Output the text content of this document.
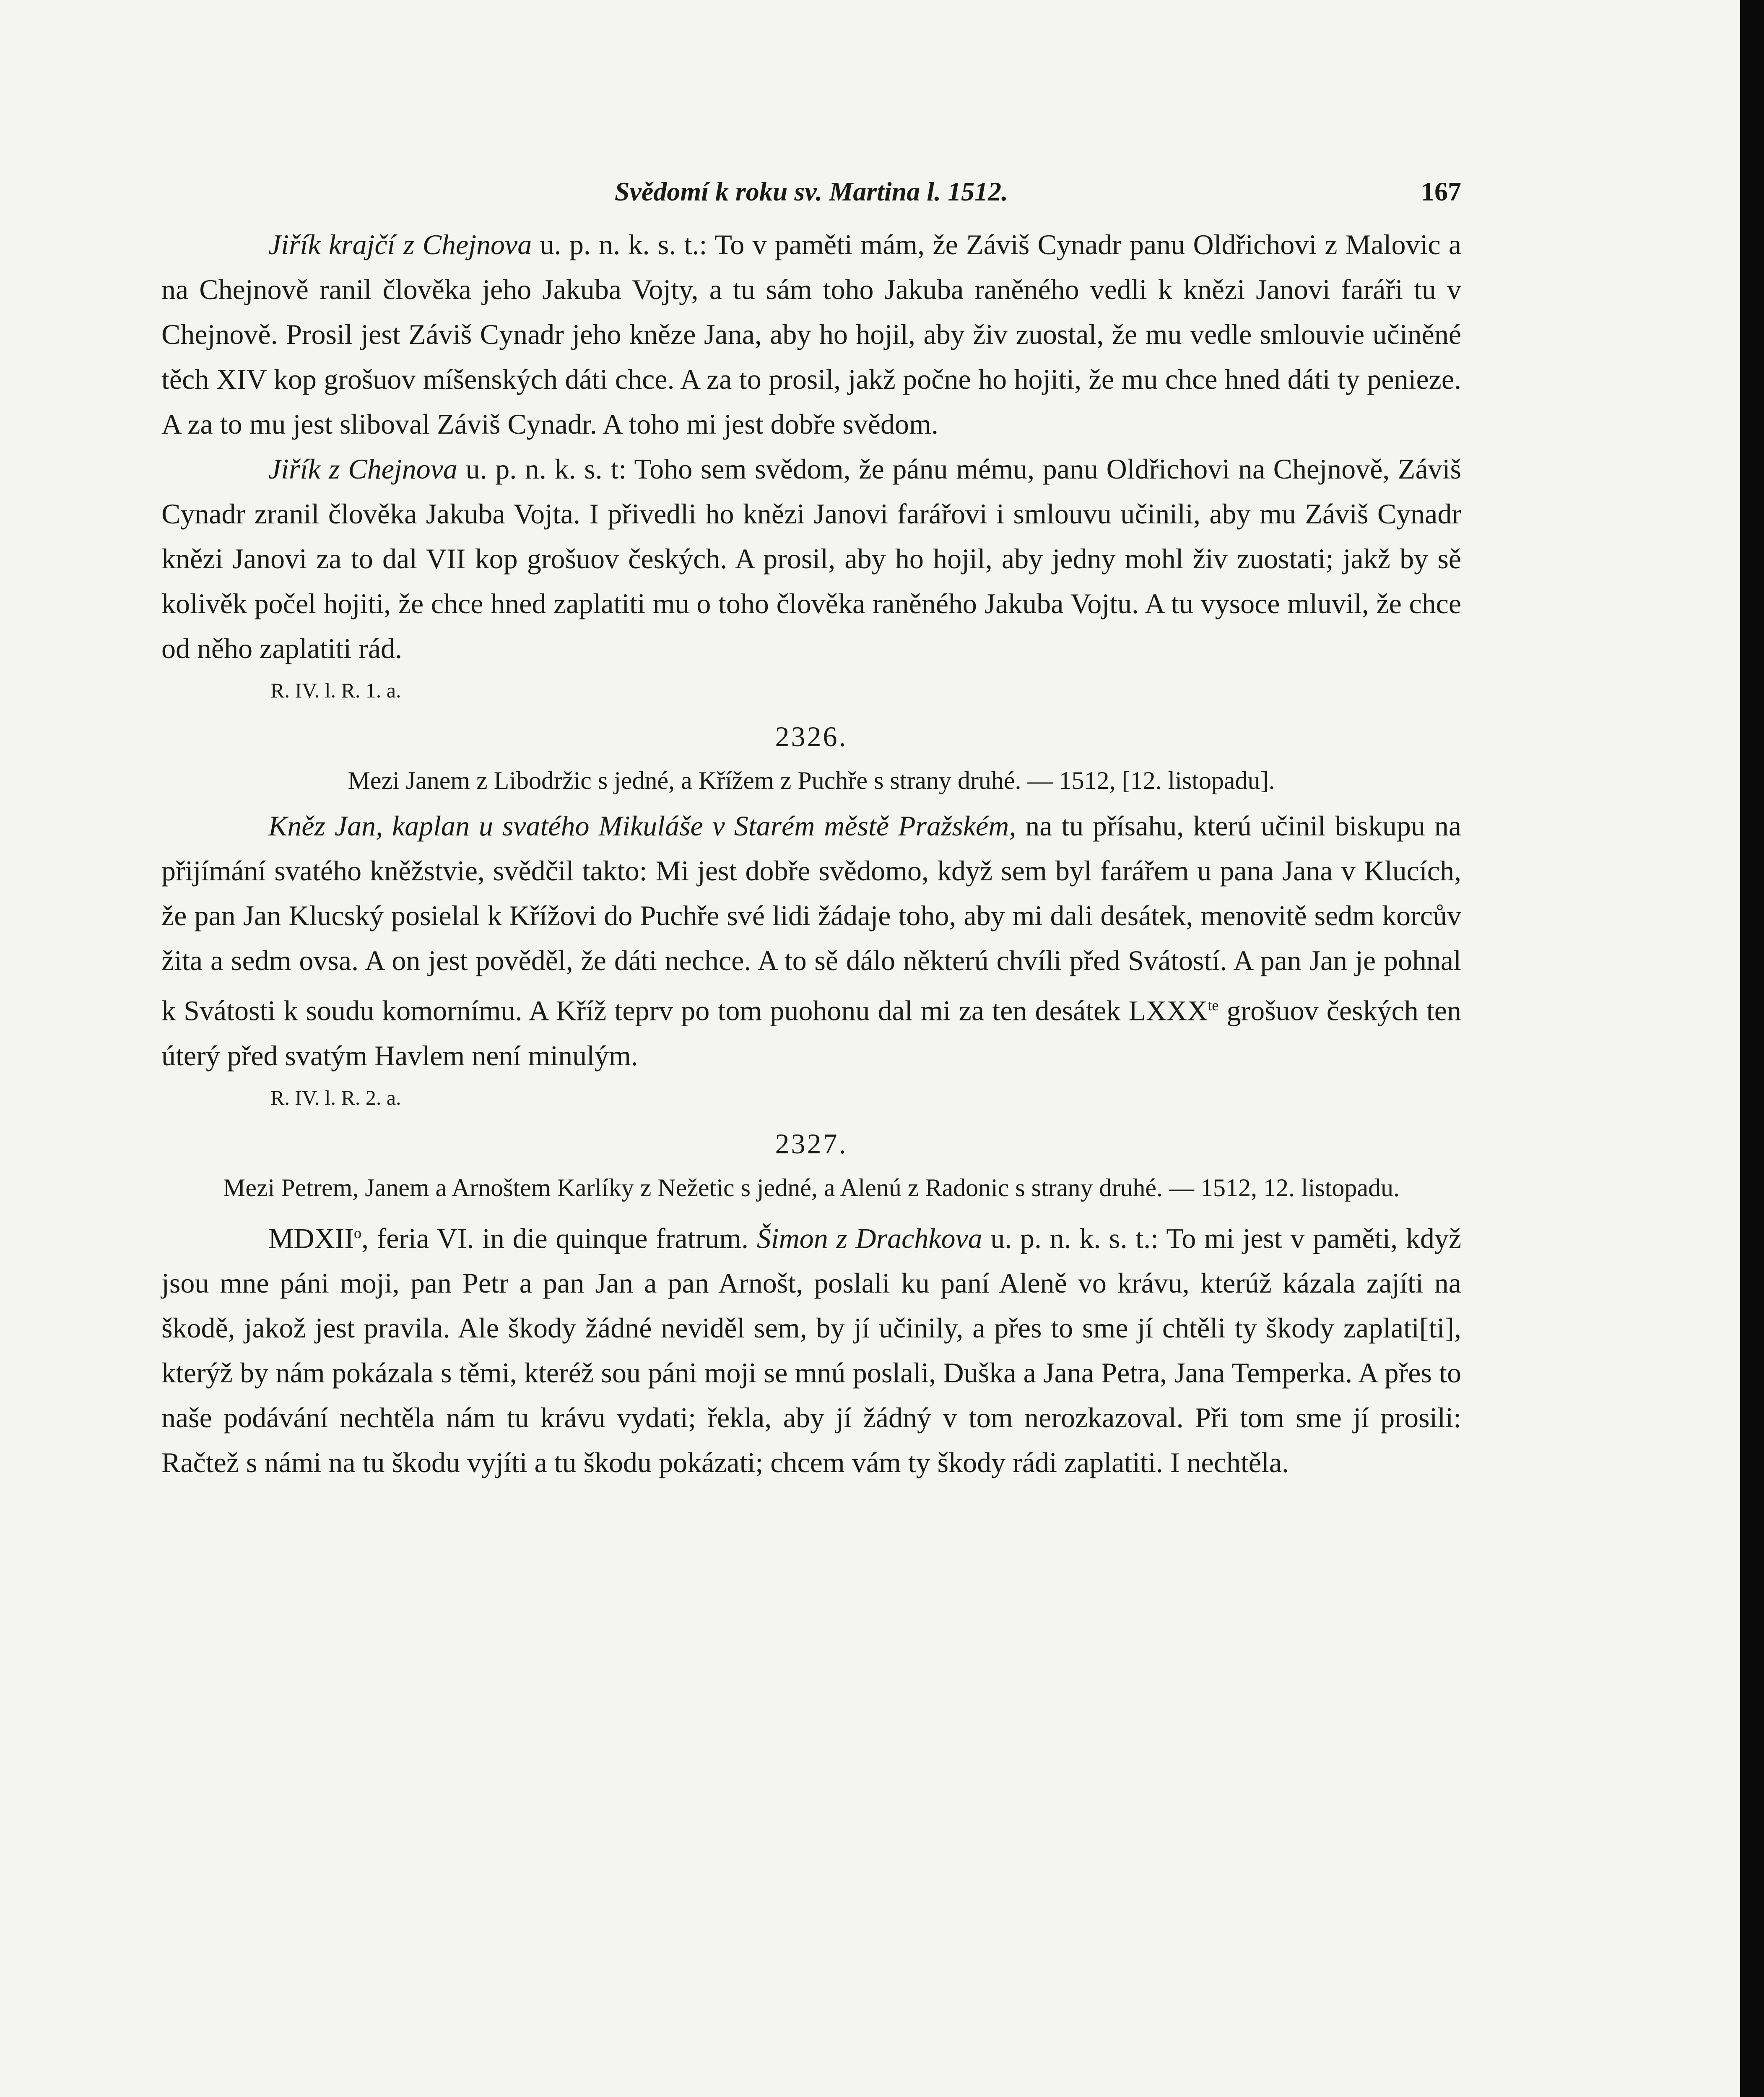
Svědomí k roku sv. Martina l. 1512.	167

Jiřík krajčí z Chejnova u. p. n. k. s. t.: To v paměti mám, že Záviš Cynadr panu Oldřichovi z Malovic a na Chejnově ranil člověka jeho Jakuba Vojty, a tu sám toho Jakuba raněného vedli k knězi Janovi faráři tu v Chejnově. Prosil jest Záviš Cynadr jeho kněze Jana, aby ho hojil, aby živ zuostal, že mu vedle smlouvie učiněné těch XIV kop grošuov míšenských dáti chce. A za to prosil, jakž počne ho hojiti, že mu chce hned dáti ty penieze. A za to mu jest sliboval Záviš Cynadr. A toho mi jest dobře svědom.

Jiřík z Chejnova u. p. n. k. s. t: Toho sem svědom, že pánu mému, panu Oldřichovi na Chejnově, Záviš Cynadr zranil člověka Jakuba Vojta. I přivedli ho knězi Janovi farářovi i smlouvu učinili, aby mu Záviš Cynadr knězi Janovi za to dal VII kop grošuov českých. A prosil, aby ho hojil, aby jedny mohl živ zuostati; jakž by sě kolivěk počel hojiti, že chce hned zaplatiti mu o toho člověka raněného Jakuba Vojtu. A tu vysoce mluvil, že chce od něho zaplatiti rád.

R. IV. l. R. 1. a.
2326.
Mezi Janem z Libodržic s jedné, a Křížem z Puchře s strany druhé. — 1512, [12. listopadu].

Kněz Jan, kaplan u svatého Mikuláše v Starém městě Pražském, na tu přísahu, kterú učinil biskupu na přijímání svatého kněžstvie, svědčil takto: Mi jest dobře svědomo, když sem byl farářem u pana Jana v Klucích, že pan Jan Klucský posielal k Křížovi do Puchře své lidi žádaje toho, aby mi dali desátek, menovitě sedm korcův žita a sedm ovsa. A on jest pověděl, že dáti nechce. A to sě dálo některú chvíli před Svátostí. A pan Jan je pohnal k Svátosti k soudu komornímu. A Kříž teprv po tom puohonu dal mi za ten desátek $LXXX^{te}$ grošuov českých ten úterý před svatým Havlem není minulým.

R. IV. l. R. 2. a.
2327.
Mezi Petrem, Janem a Arnoštem Karlíky z Nežetic s jedné, a Alenú z Radonic s strany druhé. — 1512, 12. listopadu.

MDXII$^o$, feria VI. in die quinque fratrum. Šimon z Drachkova u. p. n. k. s. t.: To mi jest v paměti, když jsou mne páni moji, pan Petr a pan Jan a pan Arnošt, poslali ku paní Aleně vo krávu, kterúž kázala zajíti na škodě, jakož jest pravila. Ale škody žádné neviděl sem, by jí učinily, a přes to sme jí chtěli ty škody zaplati[ti], kterýž by nám pokázala s těmi, kteréž sou páni moji se mnú poslali, Duška a Jana Petra, Jana Temperka. A přes to naše podávání nechtěla nám tu krávu vydati; řekla, aby jí žádný v tom nerozkazoval. Při tom sme jí prosili: Račtež s námi na tu škodu vyjíti a tu škodu pokázati; chcem vám ty škody rádi zaplatiti. I nechtěla.
